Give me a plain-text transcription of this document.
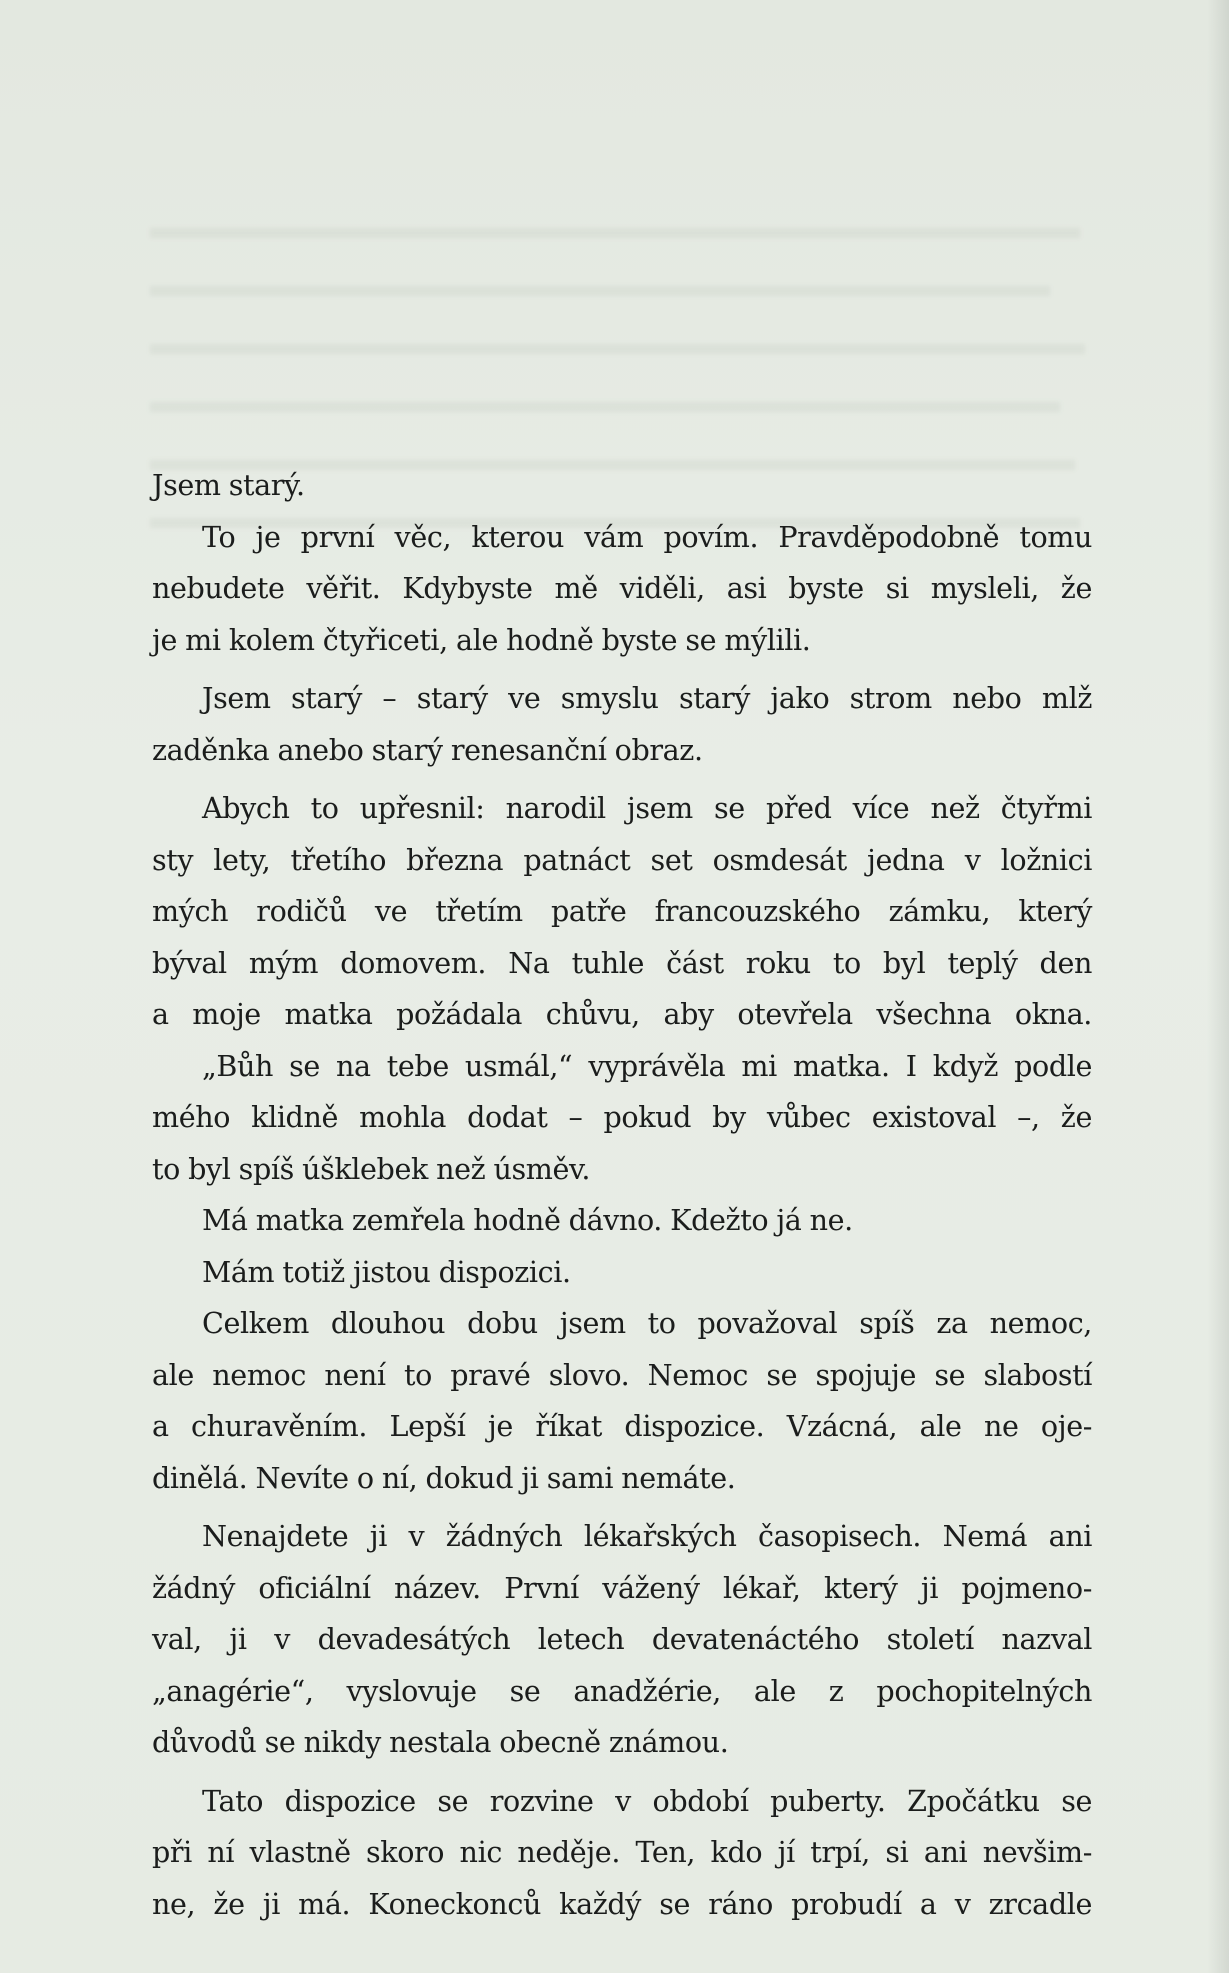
Jsem starý.
To je první věc, kterou vám povím. Pravděpodobně tomu
nebudete věřit. Kdybyste mě viděli, asi byste si mysleli, že
je mi kolem čtyřiceti, ale hodně byste se mýlili.
Jsem starý – starý ve smyslu starý jako strom nebo mlž
zaděnka anebo starý renesanční obraz.
Abych to upřesnil: narodil jsem se před více než čtyřmi
sty lety, třetího března patnáct set osmdesát jedna v ložnici
mých rodičů ve třetím patře francouzského zámku, který
býval mým domovem. Na tuhle část roku to byl teplý den
a moje matka požádala chůvu, aby otevřela všechna okna.
„Bůh se na tebe usmál,“ vyprávěla mi matka. I když podle
mého klidně mohla dodat – pokud by vůbec existoval –, že
to byl spíš úšklebek než úsměv.
Má matka zemřela hodně dávno. Kdežto já ne.
Mám totiž jistou dispozici.
Celkem dlouhou dobu jsem to považoval spíš za nemoc,
ale nemoc není to pravé slovo. Nemoc se spojuje se slabostí
a churavěním. Lepší je říkat dispozice. Vzácná, ale ne oje-
dinělá. Nevíte o ní, dokud ji sami nemáte.
Nenajdete ji v žádných lékařských časopisech. Nemá ani
žádný oficiální název. První vážený lékař, který ji pojmeno-
val, ji v devadesátých letech devatenáctého století nazval
„anagérie“, vyslovuje se anadžérie, ale z pochopitelných
důvodů se nikdy nestala obecně známou.
Tato dispozice se rozvine v období puberty. Zpočátku se
při ní vlastně skoro nic neděje. Ten, kdo jí trpí, si ani nevšim-
ne, že ji má. Koneckonců každý se ráno probudí a v zrcadle
